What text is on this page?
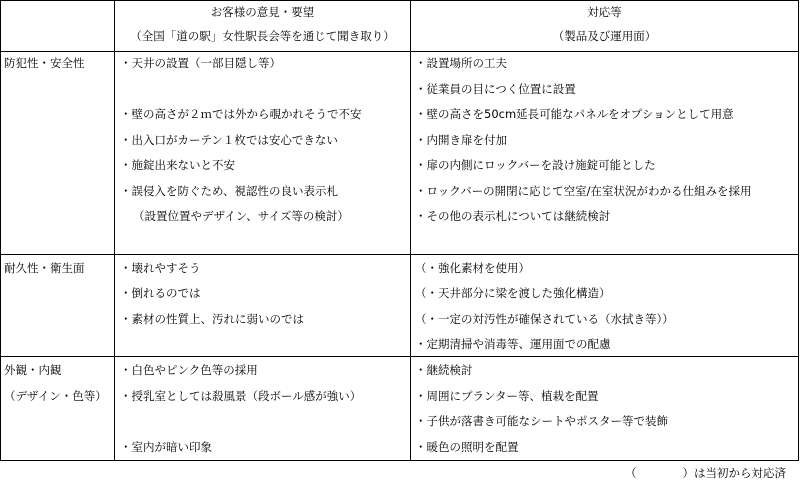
お客様の意見・要望
（全国「道の駅」女性駅長会等を通じて聞き取り）
対応等
（製品及び運用面）
防犯性・安全性	・天井の設置（一部目隠し等）
・壁の高さが２ｍでは外から覗かれそうで不安
・出入口がカーテン１枚では安心できない
・施錠出来ないと不安
・誤侵入を防ぐため、視認性の良い表示札
（設置位置やデザイン、サイズ等の検討）
・設置場所の工夫
・従業員の目につく位置に設置
・壁の高さを50cm延長可能なパネルをオプションとして用意
・内開き扉を付加
・扉の内側にロックバーを設け施錠可能とした
・ロックバーの開閉に応じて空室/在室状況がわかる仕組みを採用
・その他の表示札については継続検討
耐久性・衛生面	・壊れやすそう
・倒れるのでは
・素材の性質上、汚れに弱いのでは
（・強化素材を使用）
（・天井部分に梁を渡した強化構造）
（・一定の対汚性が確保されている（水拭き等））
・定期清掃や消毒等、運用面での配慮
外観・内観
（デザイン・色等）
・白色やピンク色等の採用
・授乳室としては殺風景（段ボール感が強い）
・室内が暗い印象
・継続検討
・周囲にプランター等、植栽を配置
・子供が落書き可能なシートやポスター等で装飾
・暖色の照明を配置
（　　　　）は当初から対応済
